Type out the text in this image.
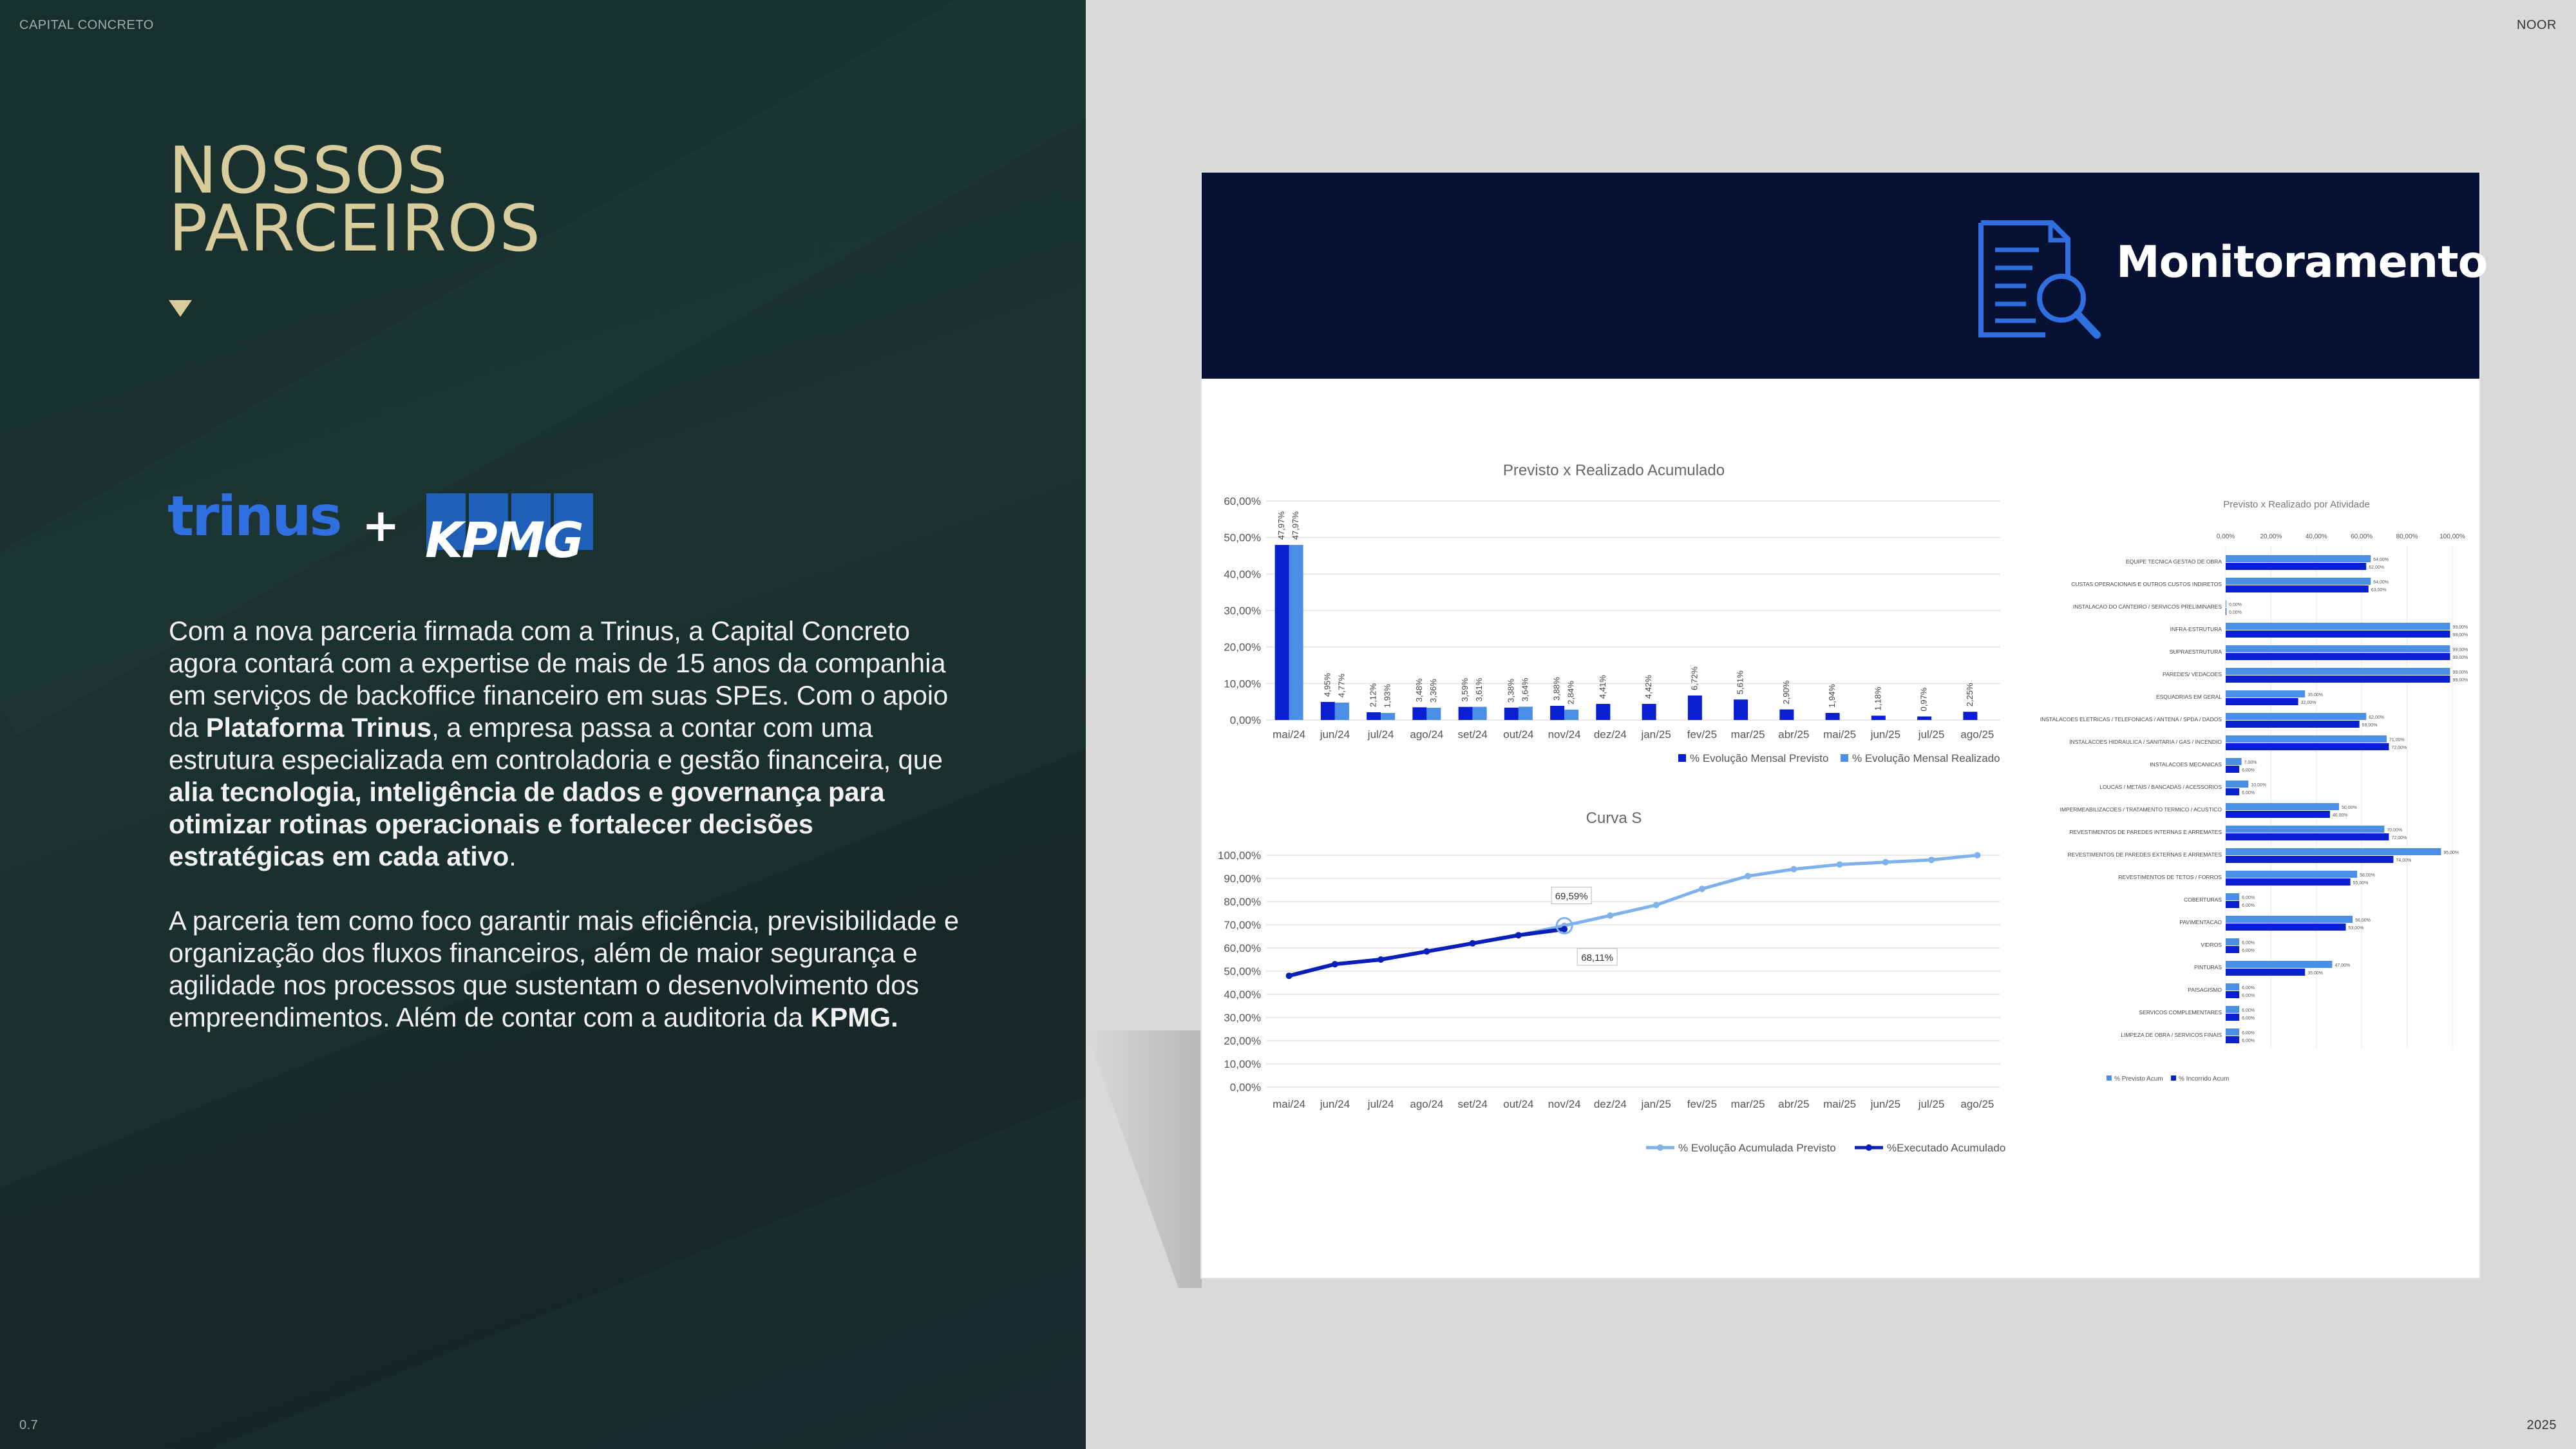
CAPITAL CONCRETO
0.7
NOOR
2025
NOSSOS
PARCEIROS
trinus + KPMG
Com a nova parceria firmada com a Trinus, a Capital Concreto agora contará com a expertise de mais de 15 anos da companhia em serviços de backoffice financeiro em suas SPEs. Com o apoio da Plataforma Trinus, a empresa passa a contar com uma estrutura especializada em controladoria e gestão financeira, que alia tecnologia, inteligência de dados e governança para otimizar rotinas operacionais e fortalecer decisões estratégicas em cada ativo.
A parceria tem como foco garantir mais eficiência, previsibilidade e organização dos fluxos financeiros, além de maior segurança e agilidade nos processos que sustentam o desenvolvimento dos empreendimentos. Além de contar com a auditoria da KPMG.
Monitoramento
Previsto x Realizado Acumulado
0,00%
10,00%
20,00%
30,00%
40,00%
50,00%
60,00%
mai/24
47,97% 47,97%
jun/24
4,95% 4,77%
jul/24
2,12% 1,93%
ago/24
3,48% 3,36%
set/24
3,59% 3,61%
out/24
3,38% 3,64%
nov/24
3,88% 2,84%
dez/24
4,41%
jan/25
4,42%
fev/25
6,72%
mar/25
5,61%
abr/25
2,90%
mai/25
1,94%
jun/25
1,18%
jul/25
0,97%
ago/25
2,25%
% Evolução Mensal Previsto % Evolução Mensal Realizado
Curva S
0,00%
10,00%
20,00%
30,00%
40,00%
50,00%
60,00%
70,00%
80,00%
90,00%
100,00%
mai/24 jun/24 jul/24 ago/24 set/24 out/24 nov/24 dez/24 jan/25 fev/25 mar/25 abr/25 mai/25 jun/25 jul/25 ago/25
69,59%
68,11%
% Evolução Acumulada Previsto	%Executado Acumulado
Previsto x Realizado por Atividade
0,00%	20,00%	40,00%	60,00%	80,00%	100,00%
EQUIPE TECNICA GESTAO DE OBRA	64,00%
62,00%
CUSTAS OPERACIONAIS E OUTROS CUSTOS INDIRETOS	64,00%
63,00%
INSTALACAO DO CANTEIRO / SERVICOS PRELIMINARES 0,00%
0,00%
INFRA-ESTRUTURA	99,00%
99,00%
SUPRAESTRUTURA	99,00%
99,00%
PAREDES/ VEDACOES	99,00%
99,00%
ESQUADRIAS EM GERAL	35,00%
32,00%
INSTALACOES ELETRICAS / TELEFONICAS / ANTENA / SPDA / DADOS	62,00%
59,00%
INSTALACOES HIDRAULICA / SANITARIA / GAS / INCENDIO	71,00%
72,00%
INSTALACOES MECANICAS	7,00%
6,00%
LOUCAS / METAIS / BANCADAS / ACESSORIOS	10,00%
6,00%
IMPERMEABILIZACOES / TRATAMENTO TERMICO / ACUSTICO	50,00%
46,00%
REVESTIMENTOS DE PAREDES INTERNAS E ARREMATES	70,00%
72,00%
REVESTIMENTOS DE PAREDES EXTERNAS E ARREMATES	95,00%
74,00%
REVESTIMENTOS DE TETOS / FORROS	58,00%
55,00%
COBERTURAS	6,00%
6,00%
PAVIMENTACAO	56,00%
53,00%
VIDROS	6,00%
6,00%
PINTURAS	47,00%
35,00%
PAISAGISMO	6,00%
6,00%
SERVICOS COMPLEMENTARES	6,00%
6,00%
LIMPEZA DE OBRA / SERVICOS FINAIS	6,00%
6,00%
% Previsto Acum % Incorrido Acum
